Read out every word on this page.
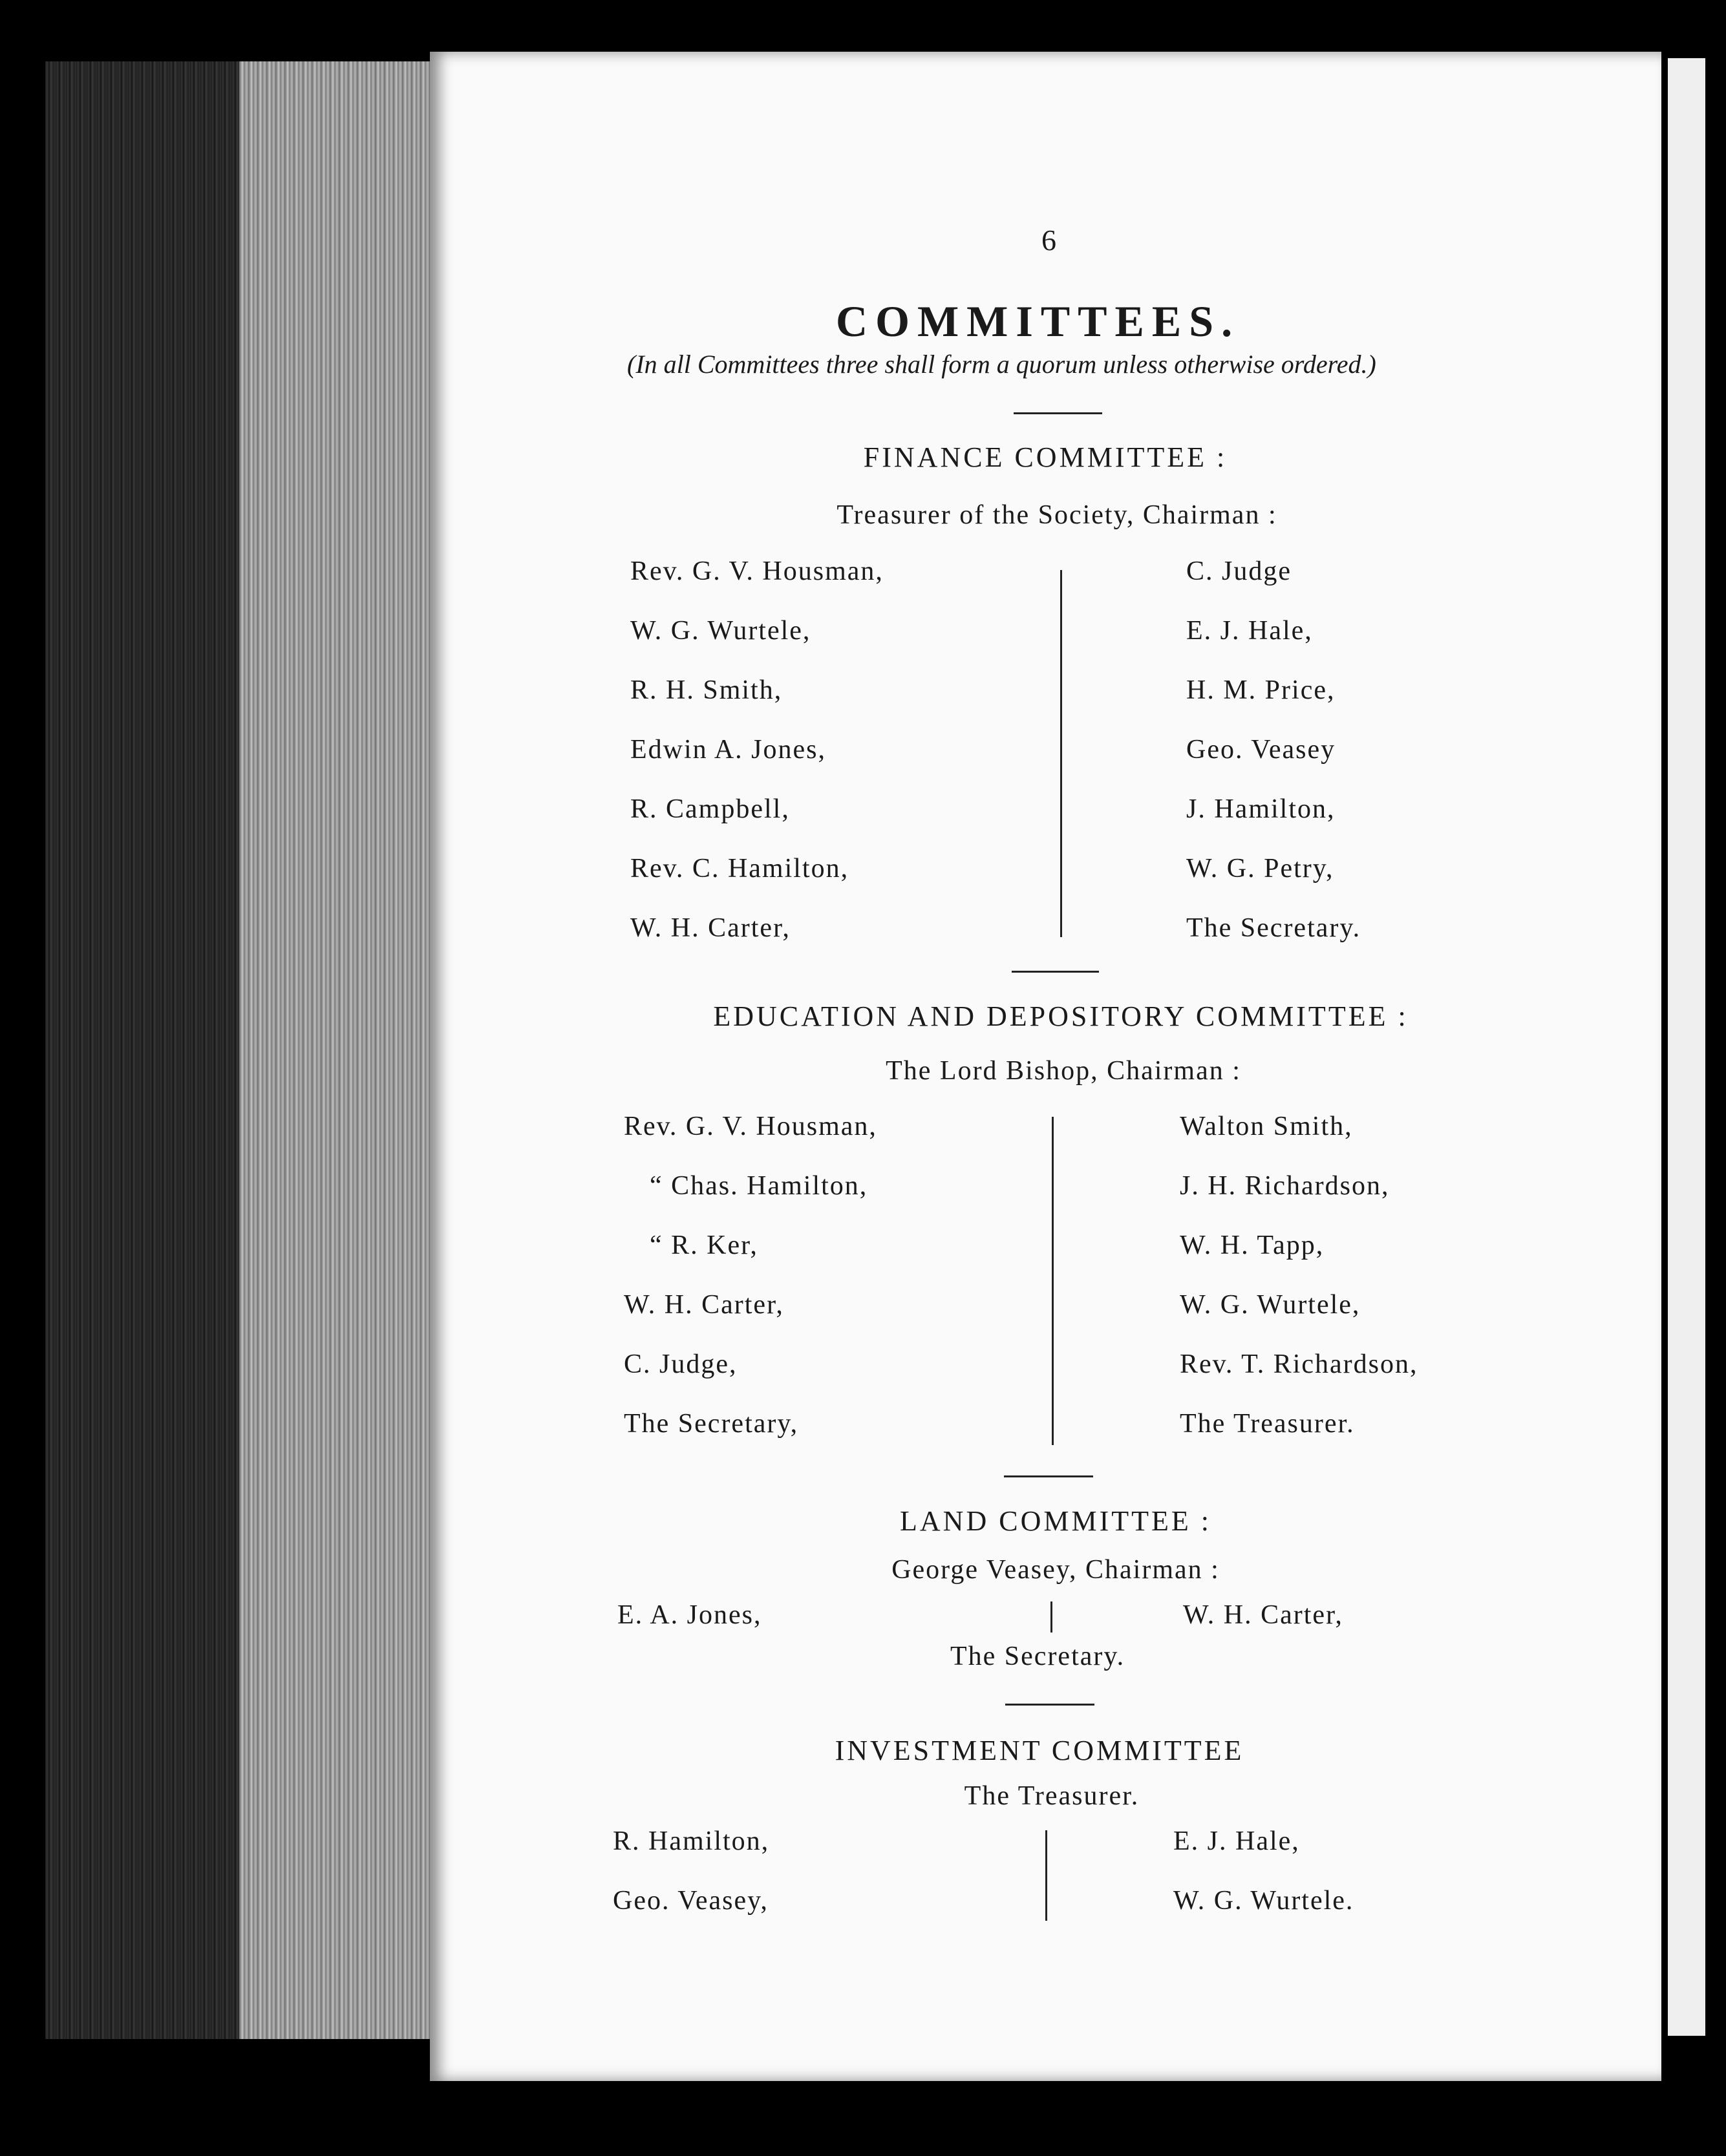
6
COMMITTEES.
(In all Committees three shall form a quorum unless otherwise ordered.)
FINANCE COMMITTEE :
Treasurer of the Society, Chairman :
Rev. G. V. Housman,
W. G. Wurtele,
R. H. Smith,
Edwin A. Jones,
R. Campbell,
Rev. C. Hamilton,
W. H. Carter,
C. Judge
E. J. Hale,
H. M. Price,
Geo. Veasey
J. Hamilton,
W. G. Petry,
The Secretary.
EDUCATION AND DEPOSITORY COMMITTEE :
The Lord Bishop, Chairman :
Rev. G. V. Housman,
“ Chas. Hamilton,
“ R. Ker,
W. H. Carter,
C. Judge,
The Secretary,
Walton Smith,
J. H. Richardson,
W. H. Tapp,
W. G. Wurtele,
Rev. T. Richardson,
The Treasurer.
LAND COMMITTEE :
George Veasey, Chairman :
E. A. Jones,	W. H. Carter,
The Secretary.
INVESTMENT COMMITTEE
The Treasurer.
R. Hamilton,
Geo. Veasey,
E. J. Hale,
W. G. Wurtele.
